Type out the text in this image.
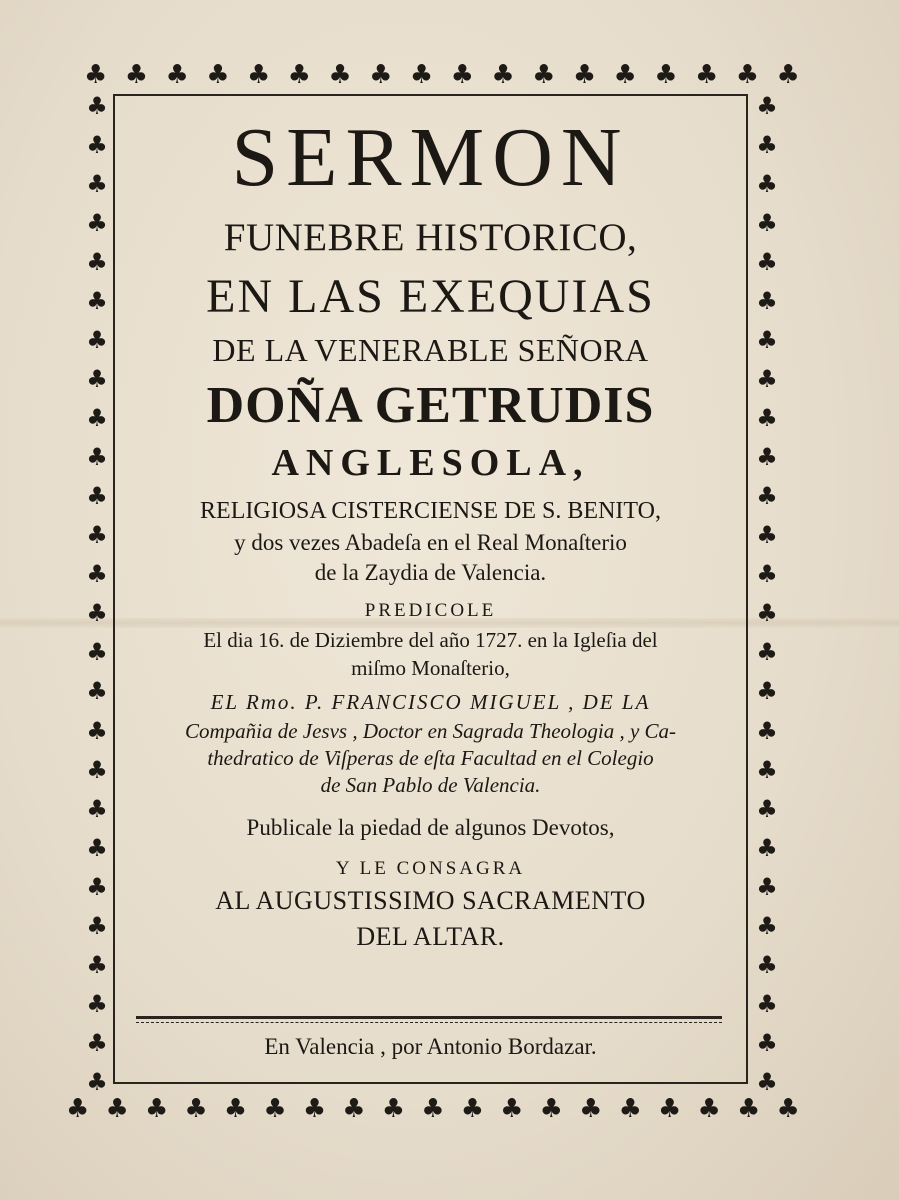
♣ ♣ ♣ ♣ ♣ ♣ ♣ ♣ ♣ ♣ ♣ ♣ ♣ ♣ ♣ ♣ ♣ ♣
♣ ♣ ♣ ♣ ♣ ♣ ♣ ♣ ♣ ♣ ♣ ♣ ♣ ♣ ♣ ♣ ♣ ♣ ♣
♣
♣
♣
♣
♣
♣
♣
♣
♣
♣
♣
♣
♣
♣
♣
♣
♣
♣
♣
♣
♣
♣
♣
♣
♣
♣
♣
♣
♣
♣
♣
♣
♣
♣
♣
♣
♣
♣
♣
♣
♣
♣
♣
♣
♣
♣
♣
♣
♣
♣
♣
♣
SERMON
FUNEBRE HISTORICO,
EN LAS EXEQUIAS
DE LA VENERABLE SEÑORA
DOÑA GETRUDIS
ANGLESOLA,
RELIGIOSA CISTERCIENSE DE S. BENITO,
y dos vezes Abadeſa en el Real Monaſterio
de la Zaydia de Valencia.
PREDICOLE
El dia 16. de Diziembre del año 1727. en la Igleſia del
miſmo Monaſterio,
EL Rmo. P. FRANCISCO MIGUEL , DE LA
Compañia de Jesvs , Doctor en Sagrada Theologia , y Ca-
thedratico de Viſperas de eſta Facultad en el Colegio
de San Pablo de Valencia.
Publicale la piedad de algunos Devotos,
Y LE CONSAGRA
AL AUGUSTISSIMO SACRAMENTO
DEL ALTAR.
En Valencia , por Antonio Bordazar.
